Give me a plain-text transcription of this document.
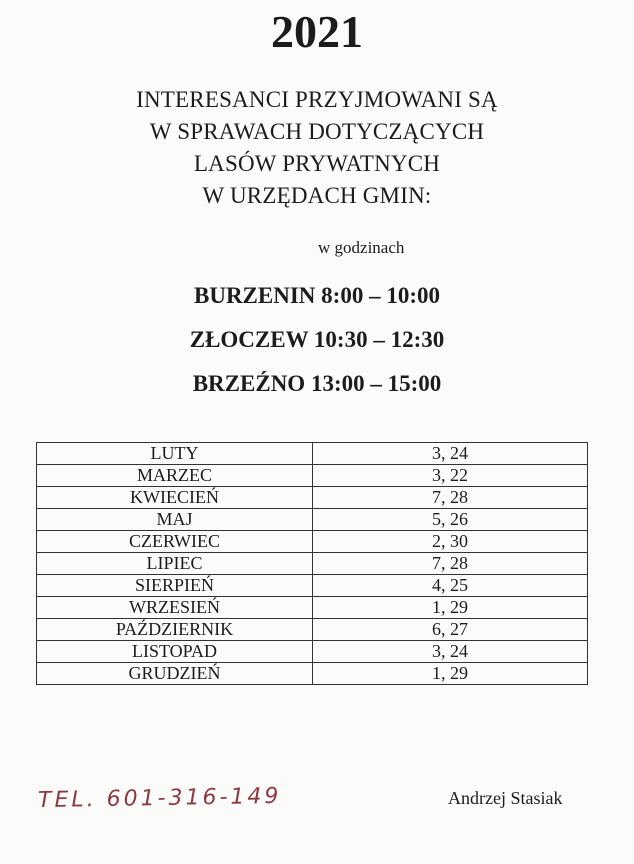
2021
INTERESANCI PRZYJMOWANI SĄ
W SPRAWACH DOTYCZĄCYCH
LASÓW PRYWATNYCH
W URZĘDACH GMIN:
w godzinach
BURZENIN 8:00 – 10:00
ZŁOCZEW 10:30 – 12:30
BRZEŹNO 13:00 – 15:00
LUTY	3, 24
MARZEC	3, 22
KWIECIEŃ	7, 28
MAJ	5, 26
CZERWIEC	2, 30
LIPIEC	7, 28
SIERPIEŃ	4, 25
WRZESIEŃ	1, 29
PAŹDZIERNIK	6, 27
LISTOPAD	3, 24
GRUDZIEŃ	1, 29
TEL. 601-316-149	Andrzej Stasiak
